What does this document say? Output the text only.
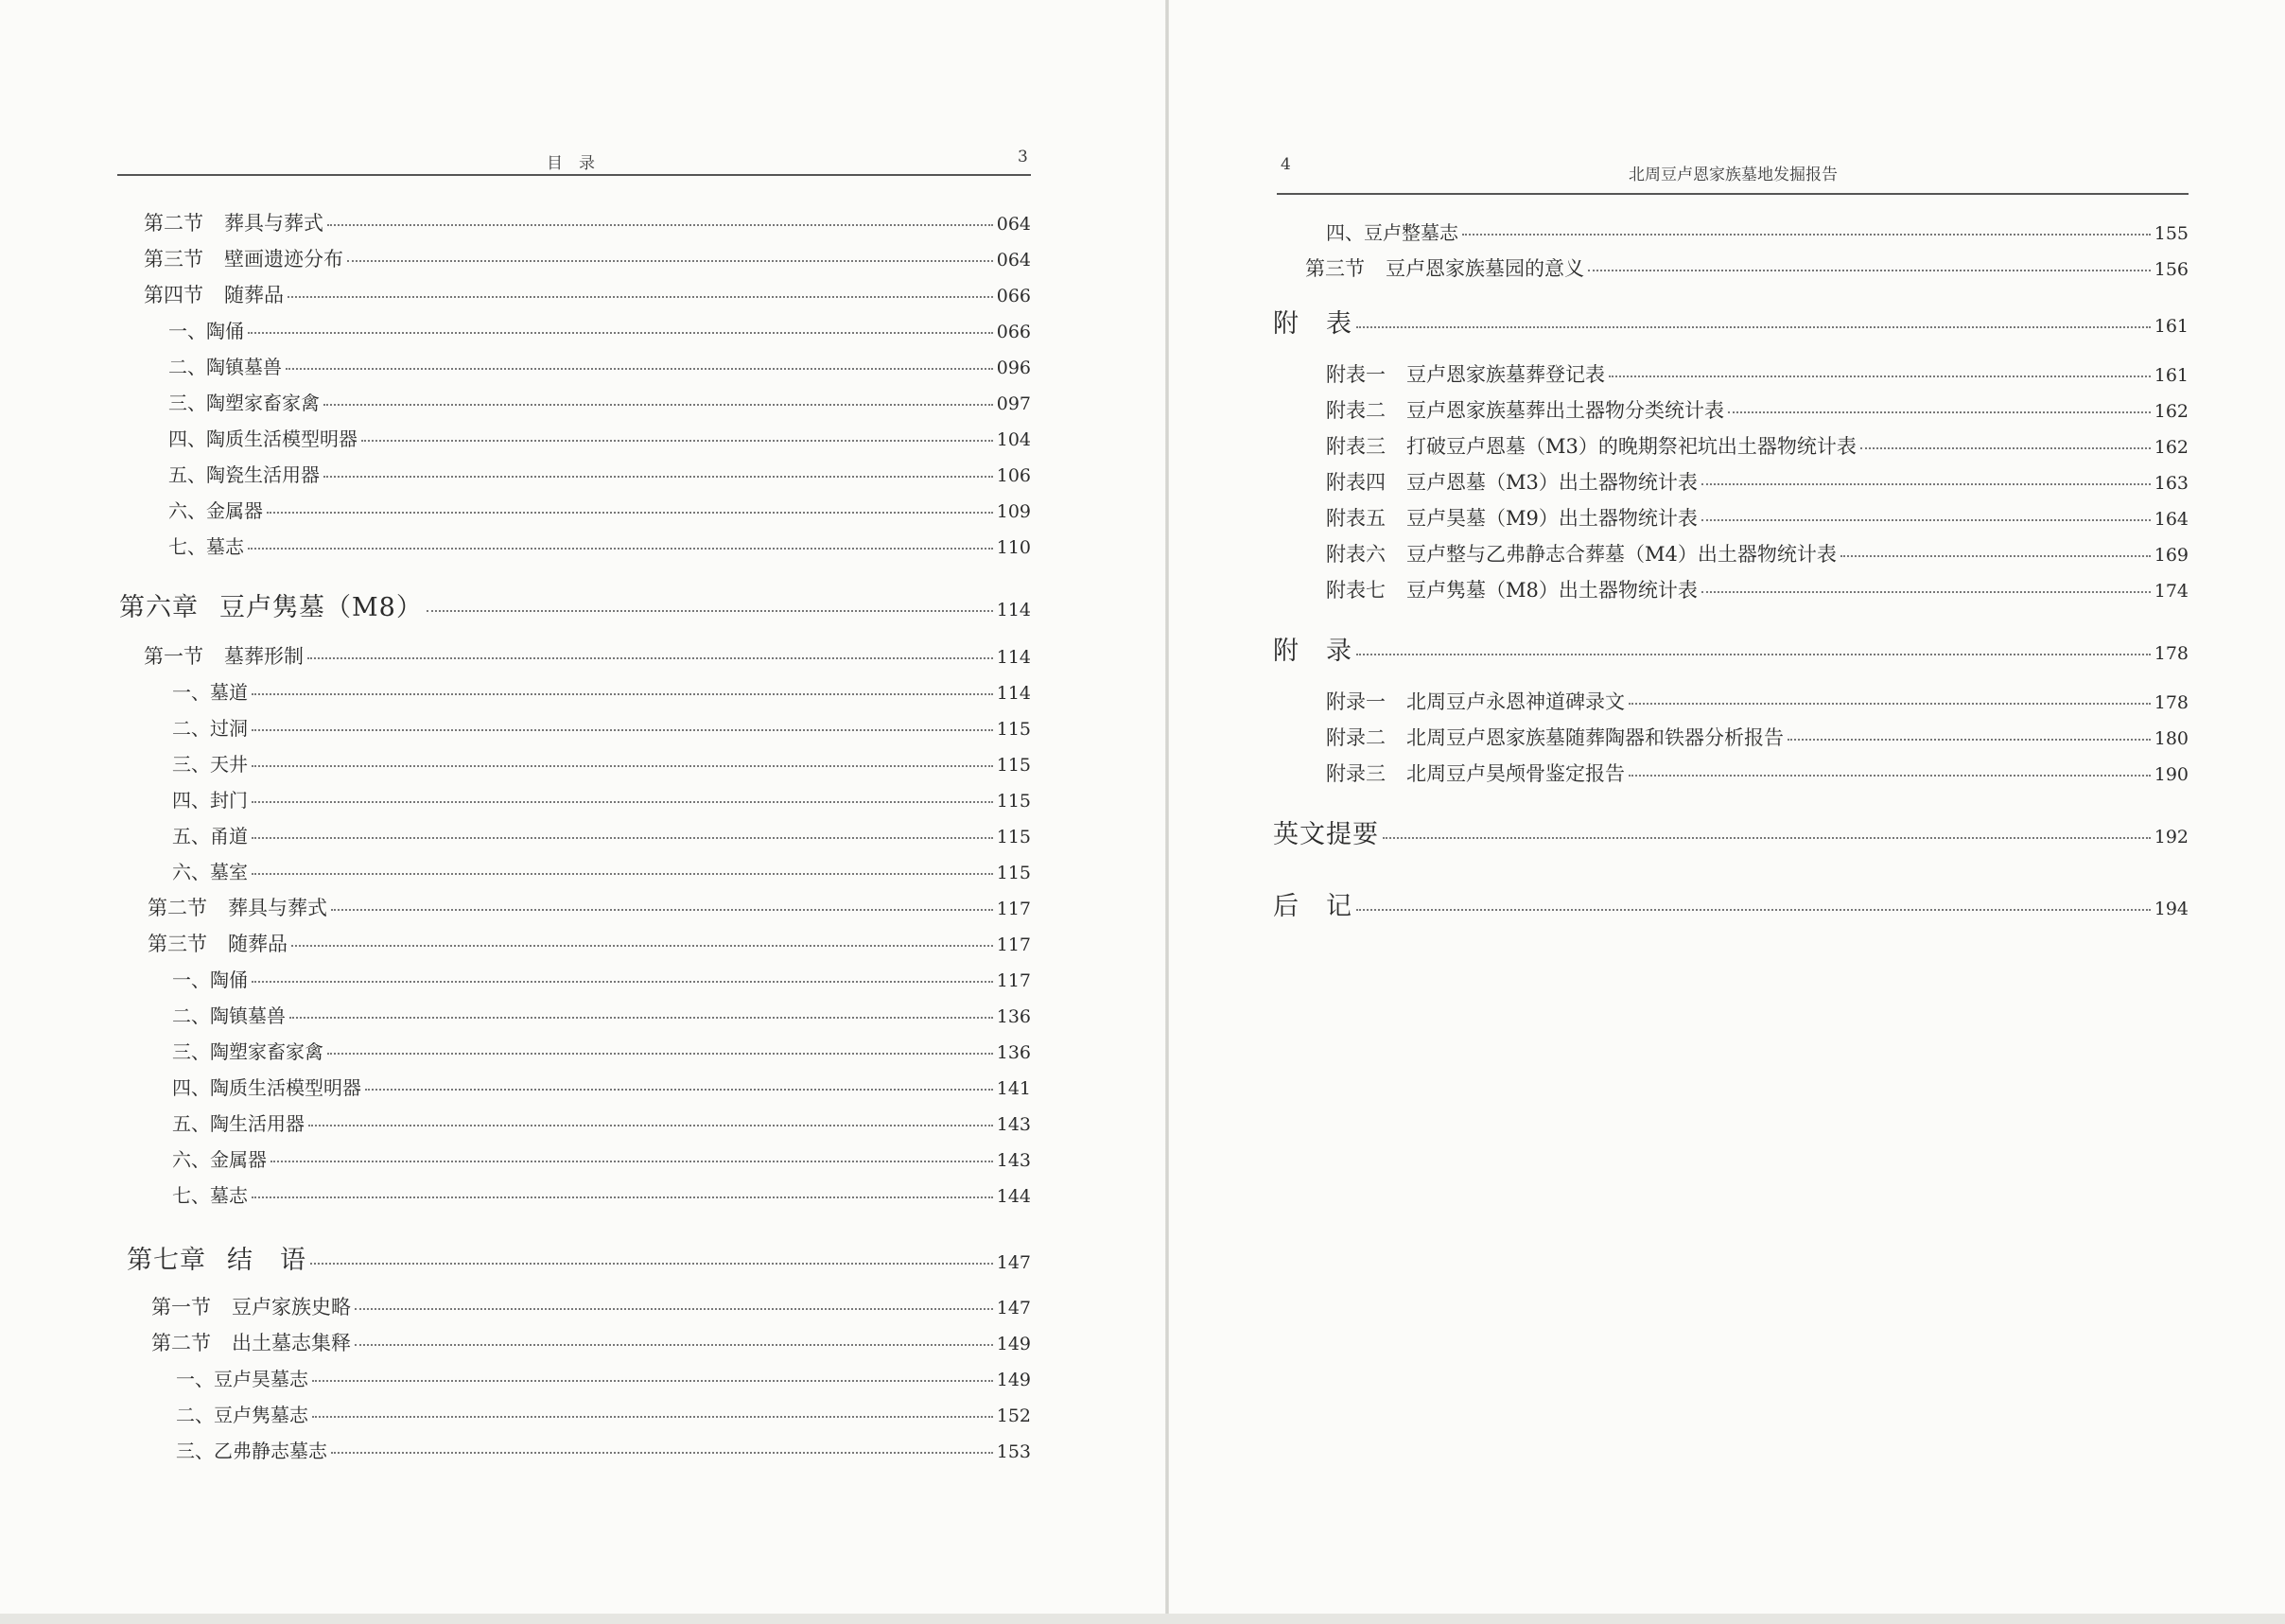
目　录	3
第二节 葬具与葬式	064
第三节 壁画遗迹分布	064
第四节 随葬品	066
一、陶俑	066
二、陶镇墓兽	096
三、陶塑家畜家禽	097
四、陶质生活模型明器	104
五、陶瓷生活用器	106
六、金属器	109
七、墓志	110
第六章 豆卢隽墓（M8）	114
第一节 墓葬形制	114
一、墓道	114
二、过洞	115
三、天井	115
四、封门	115
五、甬道	115
六、墓室	115
第二节 葬具与葬式	117
第三节 随葬品	117
一、陶俑	117
二、陶镇墓兽	136
三、陶塑家畜家禽	136
四、陶质生活模型明器	141
五、陶生活用器	143
六、金属器	143
七、墓志	144
第七章 结　语	147
第一节 豆卢家族史略	147
第二节 出土墓志集释	149
一、豆卢昊墓志	149
二、豆卢隽墓志	152
三、乙弗静志墓志	153
4
北周豆卢恩家族墓地发掘报告
四、豆卢整墓志	155
第三节 豆卢恩家族墓园的意义	156
附　表	161
附表一 豆卢恩家族墓葬登记表	161
附表二 豆卢恩家族墓葬出土器物分类统计表	162
附表三 打破豆卢恩墓（M3）的晚期祭祀坑出土器物统计表	162
附表四 豆卢恩墓（M3）出土器物统计表	163
附表五 豆卢昊墓（M9）出土器物统计表	164
附表六 豆卢整与乙弗静志合葬墓（M4）出土器物统计表	169
附表七 豆卢隽墓（M8）出土器物统计表	174
附　录	178
附录一 北周豆卢永恩神道碑录文	178
附录二 北周豆卢恩家族墓随葬陶器和铁器分析报告	180
附录三 北周豆卢昊颅骨鉴定报告	190
英文提要	192
后　记	194
